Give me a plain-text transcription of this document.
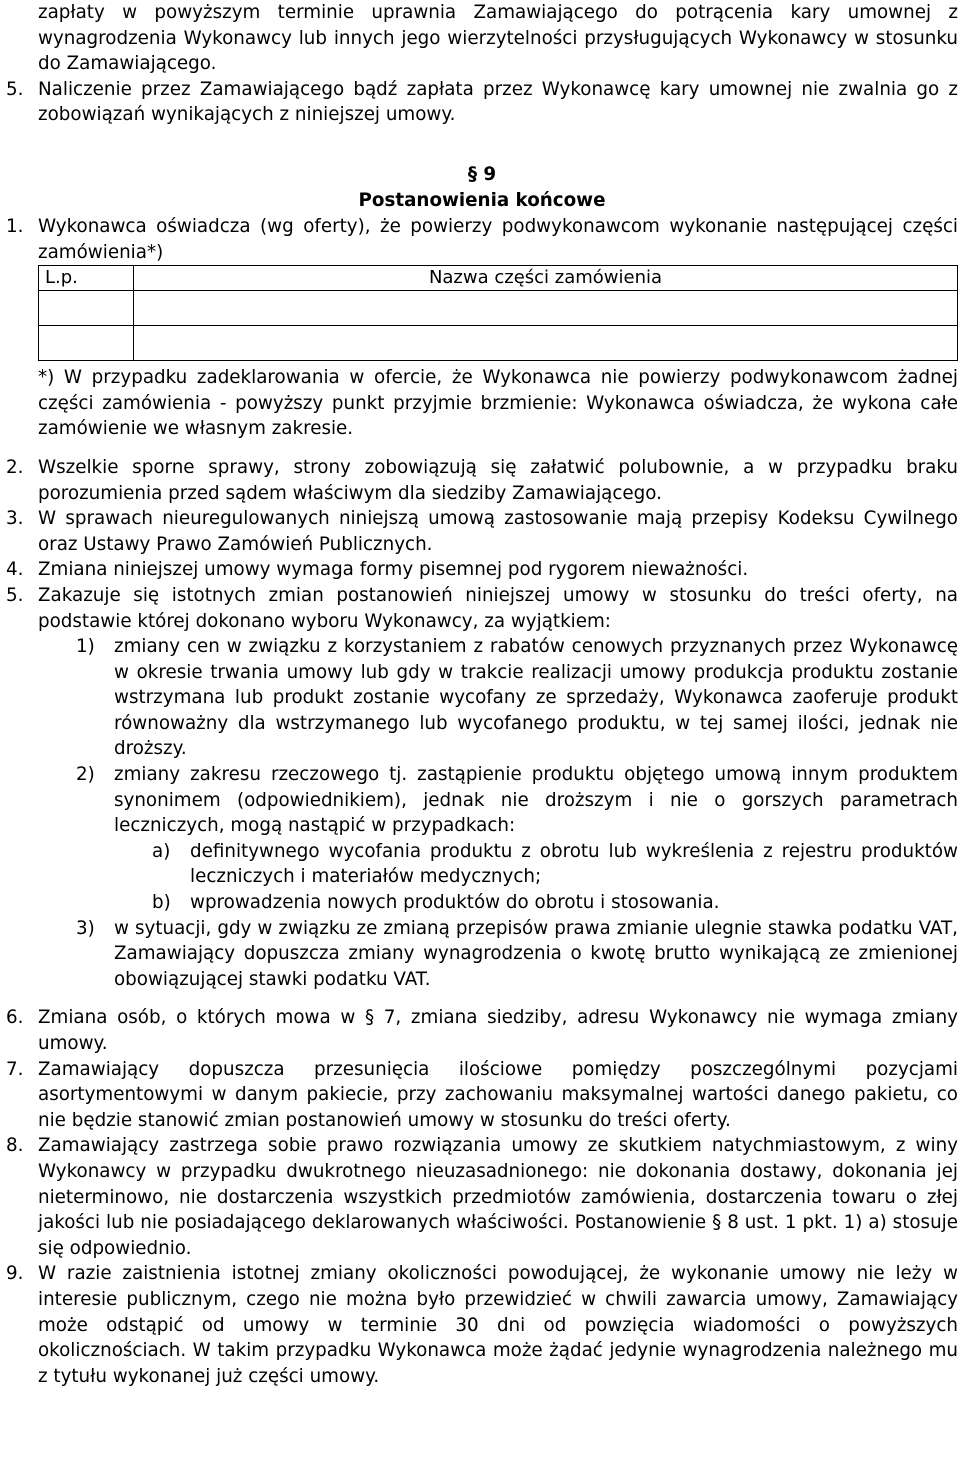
zapłaty w powyższym terminie uprawnia Zamawiającego do potrącenia kary umownej z wynagrodzenia Wykonawcy lub innych jego wierzytelności przysługujących Wykonawcy w stosunku do Zamawiającego.

5. Naliczenie przez Zamawiającego bądź zapłata przez Wykonawcę kary umownej nie zwalnia go z zobowiązań wynikających z niniejszej umowy.

§ 9
Postanowienia końcowe

1. Wykonawca oświadcza (wg oferty), że powierzy podwykonawcom wykonanie następującej części zamówienia*)

L.p.	Nazwa części zamówienia

*) W przypadku zadeklarowania w ofercie, że Wykonawca nie powierzy podwykonawcom żadnej części zamówienia - powyższy punkt przyjmie brzmienie: Wykonawca oświadcza, że wykona całe zamówienie we własnym zakresie.

2. Wszelkie sporne sprawy, strony zobowiązują się załatwić polubownie, a w przypadku braku porozumienia przed sądem właściwym dla siedziby Zamawiającego.

3. W sprawach nieuregulowanych niniejszą umową zastosowanie mają przepisy Kodeksu Cywilnego oraz Ustawy Prawo Zamówień Publicznych.

4. Zmiana niniejszej umowy wymaga formy pisemnej pod rygorem nieważności.

5. Zakazuje się istotnych zmian postanowień niniejszej umowy w stosunku do treści oferty, na podstawie której dokonano wyboru Wykonawcy, za wyjątkiem:

1) zmiany cen w związku z korzystaniem z rabatów cenowych przyznanych przez Wykonawcę w okresie trwania umowy lub gdy w trakcie realizacji umowy produkcja produktu zostanie wstrzymana lub produkt zostanie wycofany ze sprzedaży, Wykonawca zaoferuje produkt równoważny dla wstrzymanego lub wycofanego produktu, w tej samej ilości, jednak nie droższy.

2) zmiany zakresu rzeczowego tj. zastąpienie produktu objętego umową innym produktem synonimem (odpowiednikiem), jednak nie droższym i nie o gorszych parametrach leczniczych, mogą nastąpić w przypadkach:

a) definitywnego wycofania produktu z obrotu lub wykreślenia z rejestru produktów leczniczych i materiałów medycznych;

b) wprowadzenia nowych produktów do obrotu i stosowania.

3) w sytuacji, gdy w związku ze zmianą przepisów prawa zmianie ulegnie stawka podatku VAT, Zamawiający dopuszcza zmiany wynagrodzenia o kwotę brutto wynikającą ze zmienionej obowiązującej stawki podatku VAT.

6. Zmiana osób, o których mowa w § 7, zmiana siedziby, adresu Wykonawcy nie wymaga zmiany umowy.

7. Zamawiający dopuszcza przesunięcia ilościowe pomiędzy poszczególnymi pozycjami asortymentowymi w danym pakiecie, przy zachowaniu maksymalnej wartości danego pakietu, co nie będzie stanowić zmian postanowień umowy w stosunku do treści oferty.

8. Zamawiający zastrzega sobie prawo rozwiązania umowy ze skutkiem natychmiastowym, z winy Wykonawcy w przypadku dwukrotnego nieuzasadnionego: nie dokonania dostawy, dokonania jej nieterminowo, nie dostarczenia wszystkich przedmiotów zamówienia, dostarczenia towaru o złej jakości lub nie posiadającego deklarowanych właściwości. Postanowienie § 8 ust. 1 pkt. 1) a) stosuje się odpowiednio.

9. W razie zaistnienia istotnej zmiany okoliczności powodującej, że wykonanie umowy nie leży w interesie publicznym, czego nie można było przewidzieć w chwili zawarcia umowy, Zamawiający może odstąpić od umowy w terminie 30 dni od powzięcia wiadomości o powyższych okolicznościach. W takim przypadku Wykonawca może żądać jedynie wynagrodzenia należnego mu z tytułu wykonanej już części umowy.
